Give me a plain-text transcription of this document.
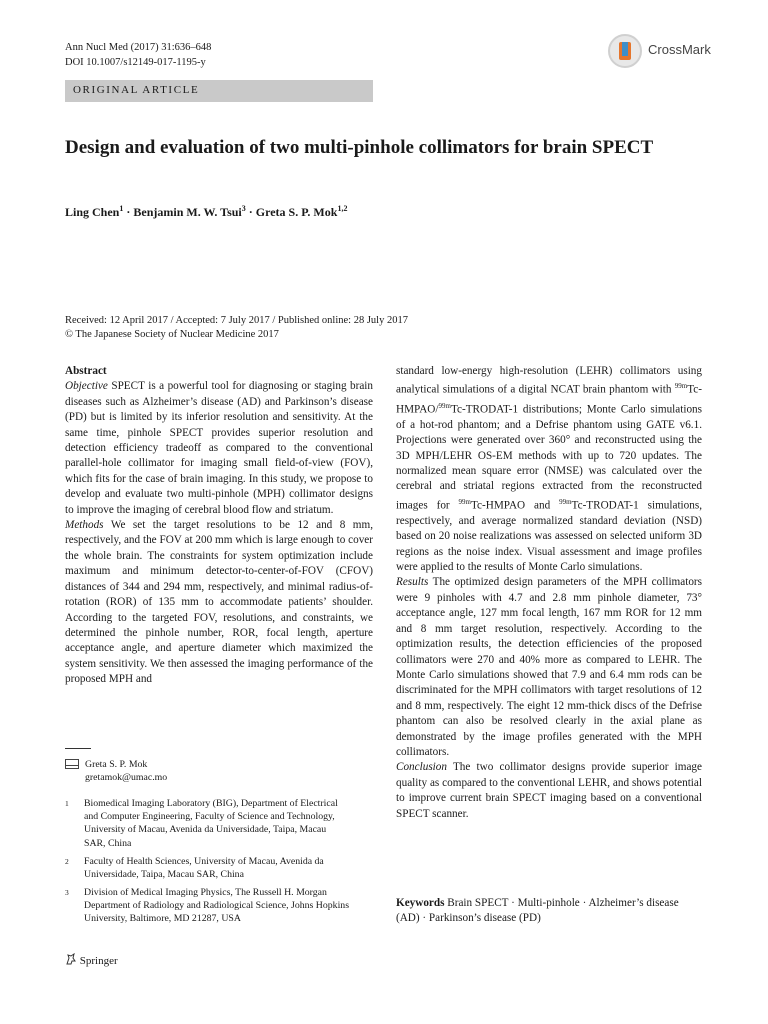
Ann Nucl Med (2017) 31:636–648
DOI 10.1007/s12149-017-1195-y
ORIGINAL ARTICLE
CrossMark
Design and evaluation of two multi-pinhole collimators for brain SPECT
Ling Chen$^1$ · Benjamin M. W. Tsui$^3$ · Greta S. P. Mok$^{1,2}$
Received: 12 April 2017 / Accepted: 7 July 2017 / Published online: 28 July 2017
© The Japanese Society of Nuclear Medicine 2017

Abstract

Objective SPECT is a powerful tool for diagnosing or staging brain diseases such as Alzheimer’s disease (AD) and Parkinson’s disease (PD) but is limited by its inferior resolution and sensitivity. At the same time, pinhole SPECT provides superior resolution and detection efficiency tradeoff as compared to the conventional parallel-hole collimator for imaging small field-of-view (FOV), which fits for the case of brain imaging. In this study, we propose to develop and evaluate two multi-pinhole (MPH) collimator designs to improve the imaging of cerebral blood flow and striatum.

Methods We set the target resolutions to be 12 and 8 mm, respectively, and the FOV at 200 mm which is large enough to cover the whole brain. The constraints for system optimization include maximum and minimum detector-to-center-of-FOV (CFOV) distances of 344 and 294 mm, respectively, and minimal radius-of-rotation (ROR) of 135 mm to accommodate patients’ shoulder. According to the targeted FOV, resolutions, and constraints, we determined the pinhole number, ROR, focal length, aperture acceptance angle, and aperture diameter which maximized the system sensitivity. We then assessed the imaging performance of the proposed MPH and

Greta S. P. Mok
gretamok@umac.mo
1 Biomedical Imaging Laboratory (BIG), Department of Electrical and Computer Engineering, Faculty of Science and Technology, University of Macau, Avenida da Universidade, Taipa, Macau SAR, China
2 Faculty of Health Sciences, University of Macau, Avenida da Universidade, Taipa, Macau SAR, China
3 Division of Medical Imaging Physics, The Russell H. Morgan Department of Radiology and Radiological Science, Johns Hopkins University, Baltimore, MD 21287, USA

standard low-energy high-resolution (LEHR) collimators using analytical simulations of a digital NCAT brain phantom with $^{99m}$Tc-HMPAO/$^{99m}$Tc-TRODAT-1 distributions; Monte Carlo simulations of a hot-rod phantom; and a Defrise phantom using GATE v6.1. Projections were generated over 360° and reconstructed using the 3D MPH/LEHR OS-EM methods with up to 720 updates. The normalized mean square error (NMSE) was calculated over the cerebral and striatal regions extracted from the reconstructed images for $^{99m}$Tc-HMPAO and $^{99m}$Tc-TRODAT-1 simulations, respectively, and average normalized standard deviation (NSD) based on 20 noise realizations was assessed on selected uniform 3D regions as the noise index. Visual assessment and image profiles were applied to the results of Monte Carlo simulations.

Results The optimized design parameters of the MPH collimators were 9 pinholes with 4.7 and 2.8 mm pinhole diameter, 73° acceptance angle, 127 mm focal length, 167 mm ROR for 12 mm and 8 mm target resolution, respectively. According to the optimization results, the detection efficiencies of the proposed collimators were 270 and 40% more as compared to LEHR. The Monte Carlo simulations showed that 7.9 and 6.4 mm rods can be discriminated for the MPH collimators with target resolutions of 12 and 8 mm, respectively. The eight 12 mm-thick discs of the Defrise phantom can also be resolved clearly in the axial plane as demonstrated by the image profiles generated with the MPH collimators.

Conclusion The two collimator designs provide superior image quality as compared to the conventional LEHR, and shows potential to improve current brain SPECT imaging based on a conventional SPECT scanner.

Keywords Brain SPECT · Multi-pinhole · Alzheimer’s disease (AD) · Parkinson’s disease (PD)
Springer
